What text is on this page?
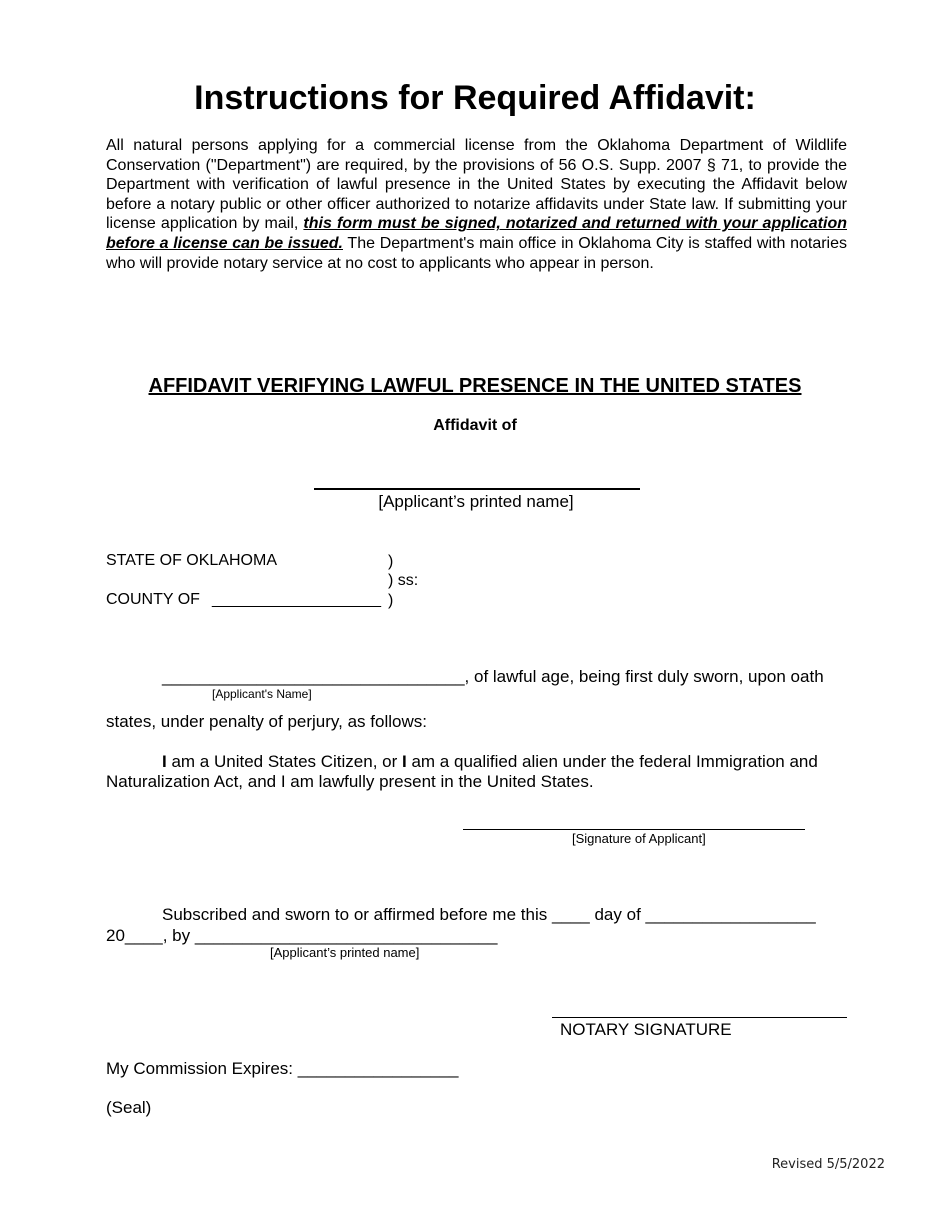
Instructions for Required Affidavit:
All natural persons applying for a commercial license from the Oklahoma Department of Wildlife Conservation ("Department") are required, by the provisions of 56 O.S. Supp. 2007 § 71, to provide the Department with verification of lawful presence in the United States by executing the Affidavit below before a notary public or other officer authorized to notarize affidavits under State law. If submitting your license application by mail, this form must be signed, notarized and returned with your application before a license can be issued. The Department's main office in Oklahoma City is staffed with notaries who will provide notary service at no cost to applicants who appear in person.
AFFIDAVIT VERIFYING LAWFUL PRESENCE IN THE UNITED STATES
Affidavit of
[Applicant’s printed name]
STATE OF OKLAHOMA	)
) ss:
COUNTY OF ___________________ )
________________________________, of lawful age, being first duly sworn, upon oath
[Applicant's Name]
states, under penalty of perjury, as follows:
I am a United States Citizen, or I am a qualified alien under the federal Immigration and
Naturalization Act, and I am lawfully present in the United States.
[Signature of Applicant]
Subscribed and sworn to or affirmed before me this ____ day of __________________
20____, by ________________________________
[Applicant’s printed name]
NOTARY SIGNATURE
My Commission Expires: _________________
(Seal)
Revised 5/5/2022
